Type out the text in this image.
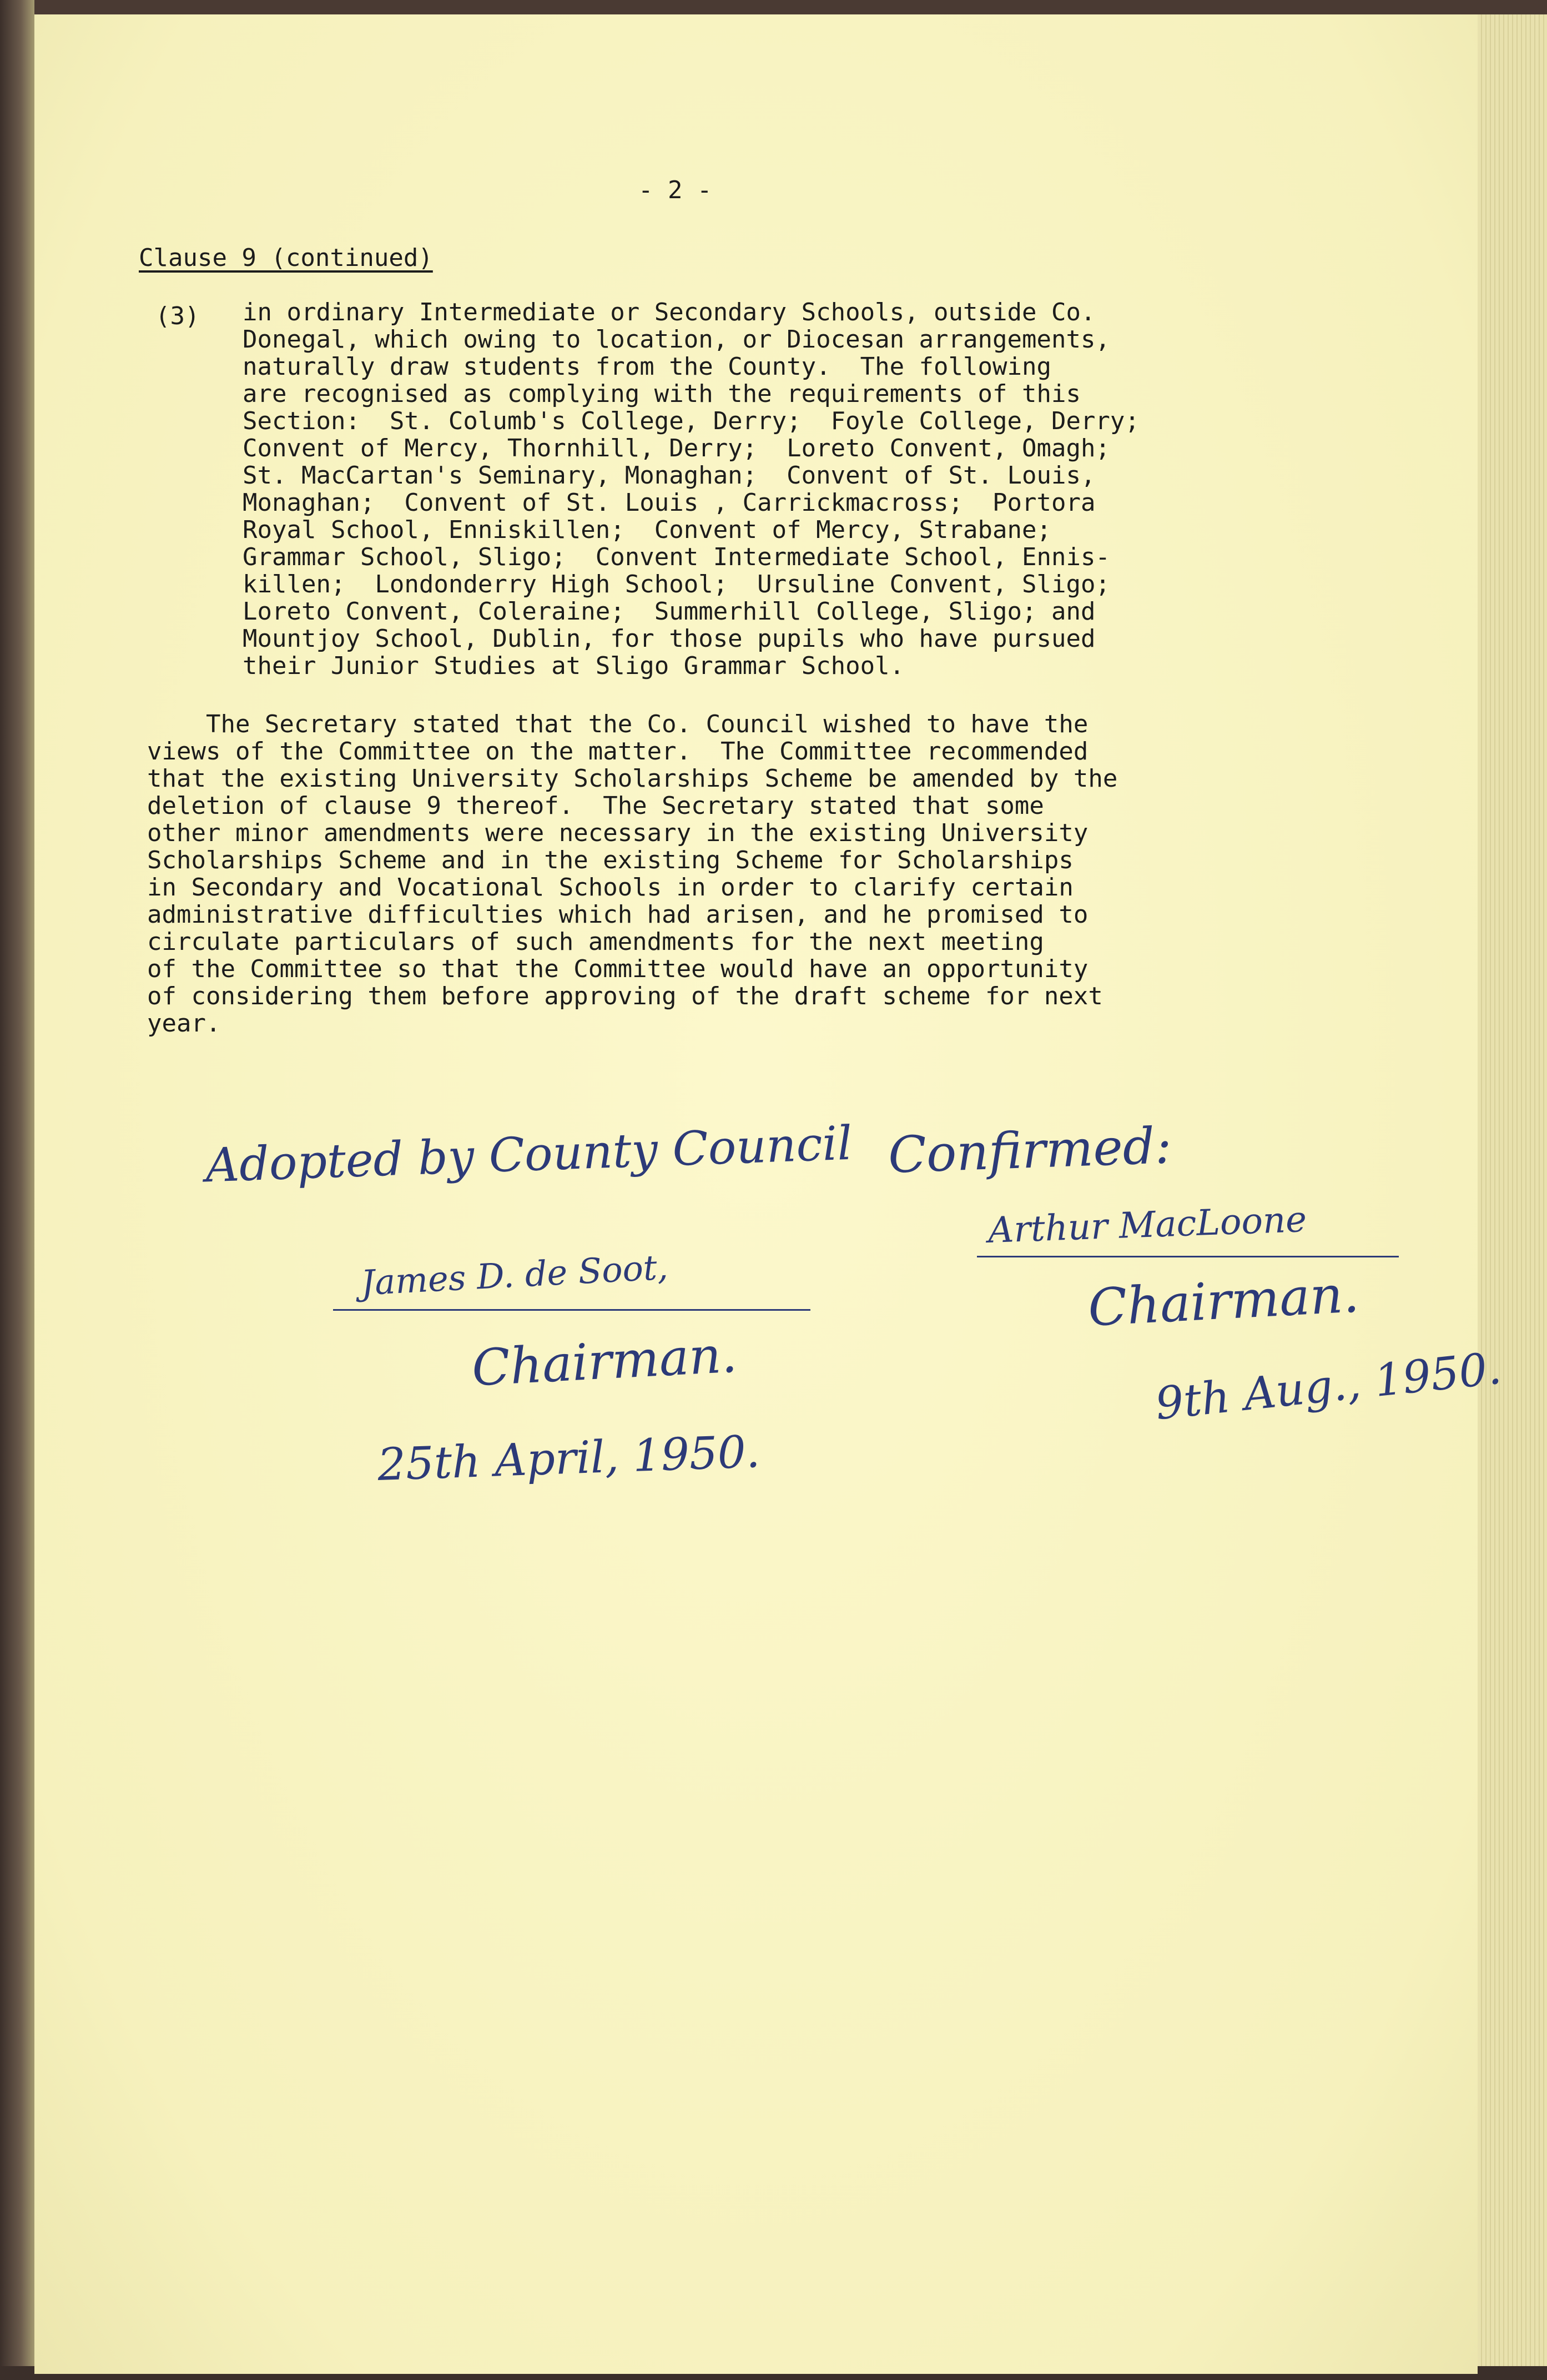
- 2 -

Clause 9 (continued)

(3) in ordinary Intermediate or Secondary Schools, outside Co.
Donegal, which owing to location, or Diocesan arrangements,
naturally draw students from the County.  The following
are recognised as complying with the requirements of this
Section:  St. Columb's College, Derry;  Foyle College, Derry;
Convent of Mercy, Thornhill, Derry;  Loreto Convent, Omagh;
St. MacCartan's Seminary, Monaghan;  Convent of St. Louis,
Monaghan;  Convent of St. Louis , Carrickmacross;  Portora
Royal School, Enniskillen;  Convent of Mercy, Strabane;
Grammar School, Sligo;  Convent Intermediate School, Ennis-
killen;  Londonderry High School;  Ursuline Convent, Sligo;
Loreto Convent, Coleraine;  Summerhill College, Sligo; and
Mountjoy School, Dublin, for those pupils who have pursued
their Junior Studies at Sligo Grammar School.

The Secretary stated that the Co. Council wished to have the
views of the Committee on the matter.  The Committee recommended
that the existing University Scholarships Scheme be amended by the
deletion of clause 9 thereof.  The Secretary stated that some
other minor amendments were necessary in the existing University
Scholarships Scheme and in the existing Scheme for Scholarships
in Secondary and Vocational Schools in order to clarify certain
administrative difficulties which had arisen, and he promised to
circulate particulars of such amendments for the next meeting
of the Committee so that the Committee would have an opportunity
of considering them before approving of the draft scheme for next
year.

Adopted by County Council
James D. de Soot,
Chairman.
25th April, 1950.
Confirmed:
Arthur MacLoone
Chairman.
9th Aug., 1950.
